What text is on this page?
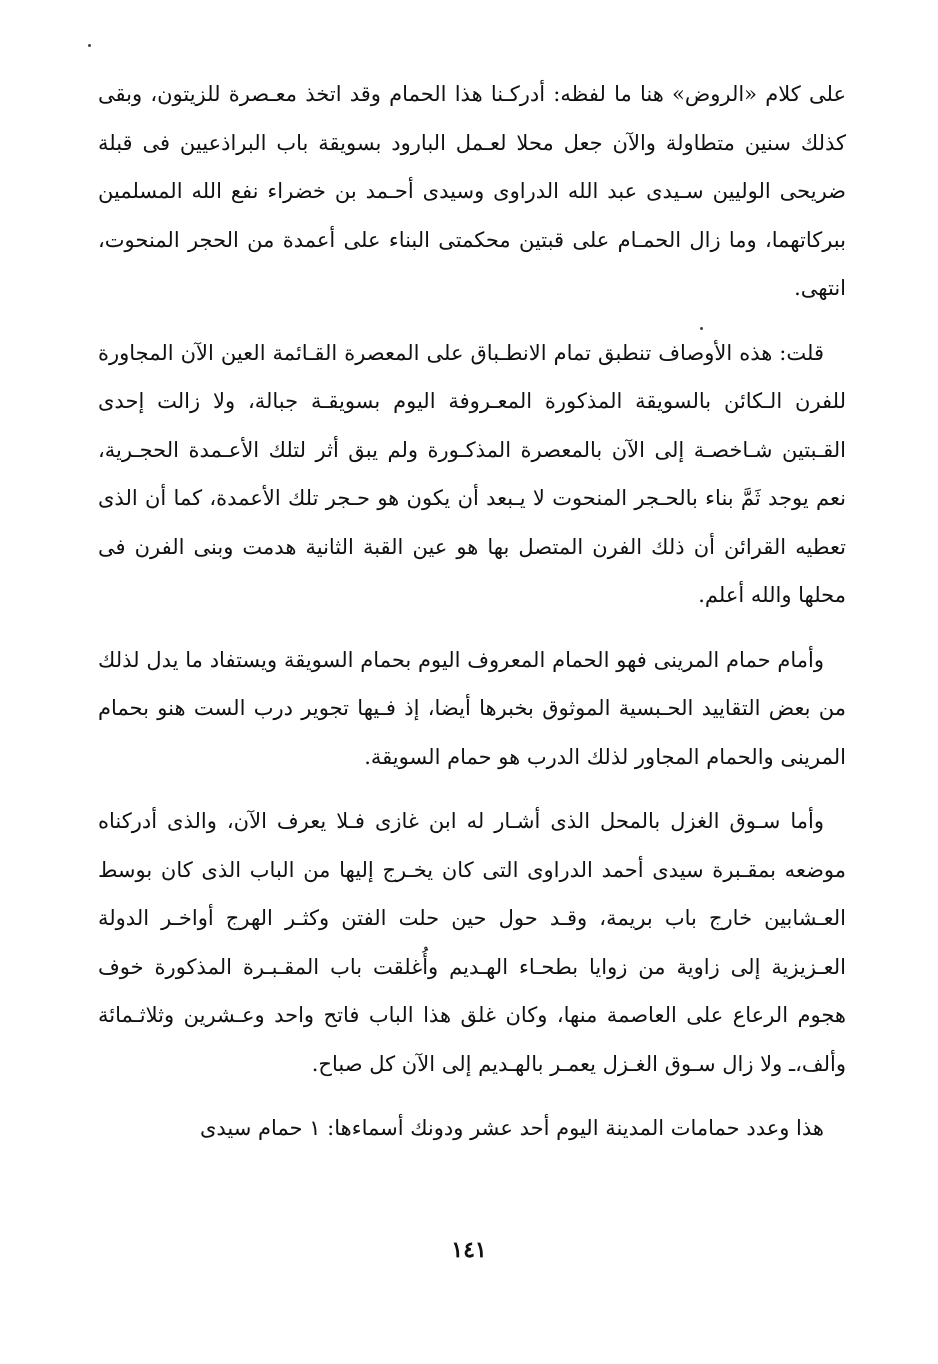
على كلام «الروض» هنا ما لفظه: أدركـنا هذا الحمام وقد اتخذ معـصرة للزيتون، وبقى كذلك سنين متطاولة والآن جعل محلا لعـمل البارود بسويقة باب البراذعيين فى قبلة ضريحى الوليين سـيدى عبد الله الدراوى وسيدى أحـمد بن خضراء نفع الله المسلمين ببركاتهما، وما زال الحمـام على قبتين محكمتى البناء على أعمدة من الحجر المنحوت، انتهى.

قلت: هذه الأوصاف تنطبق تمام الانطـباق على المعصرة القـائمة العين الآن المجاورة للفرن الـكائن بالسويقة المذكورة المعـروفة اليوم بسويقـة جبالة، ولا زالت إحدى القـبتين شـاخصـة إلى الآن بالمعصرة المذكـورة ولم يبق أثر لتلك الأعـمدة الحجـرية، نعم يوجد ثَمَّ بناء بالحـجر المنحوت لا يـبعد أن يكون هو حـجر تلك الأعمدة، كما أن الذى تعطيه القرائن أن ذلك الفرن المتصل بها هو عين القبة الثانية هدمت وبنى الفرن فى محلها والله أعلم.

وأمام حمام المرينى فهو الحمام المعروف اليوم بحمام السويقة ويستفاد ما يدل لذلك من بعض التقاييد الحـبسية الموثوق بخبرها أيضا، إذ فـيها تجوير درب الست هنو بحمام المرينى والحمام المجاور لذلك الدرب هو حمام السويقة.

وأما سـوق الغزل بالمحل الذى أشـار له ابن غازى فـلا يعرف الآن، والذى أدركناه موضعه بمقـبرة سيدى أحمد الدراوى التى كان يخـرج إليها من الباب الذى كان بوسط العـشابين خارج باب بريمة، وقـد حول حين حلت الفتن وكثـر الهرج أواخـر الدولة العـزيزية إلى زاوية من زوايا بطحـاء الهـديم وأُغلقت باب المقـبـرة المذكورة خوف هجوم الرعاع على العاصمة منها، وكان غلق هذا الباب فاتح واحد وعـشرين وثلاثـمائة وألف،ـ ولا زال سـوق الغـزل يعمـر بالهـديم إلى الآن كل صباح.

هذا وعدد حمامات المدينة اليوم أحد عشر ودونك أسماءها: ١ حمام سيدى

١٤١
